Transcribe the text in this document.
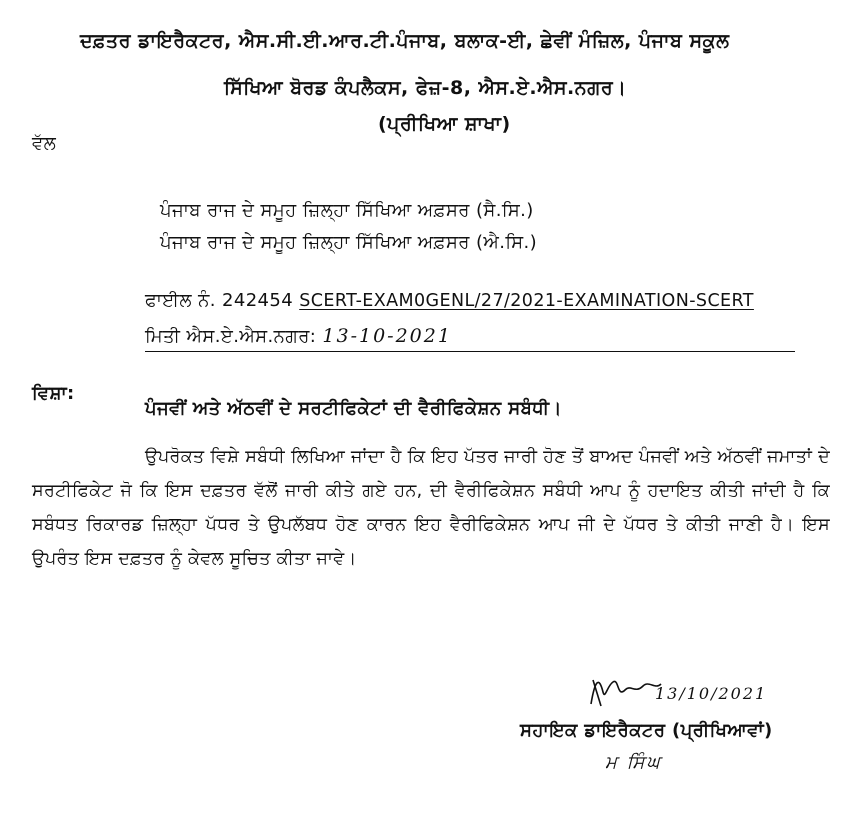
ਦਫ਼ਤਰ ਡਾਇਰੈਕਟਰ, ਐਸ.ਸੀ.ਈ.ਆਰ.ਟੀ.ਪੰਜਾਬ, ਬਲਾਕ-ਈ, ਛੇਵੀਂ ਮੰਜ਼ਿਲ, ਪੰਜਾਬ ਸਕੂਲ
ਸਿੱਖਿਆ ਬੋਰਡ ਕੰਪਲੈਕਸ, ਫੇਜ਼-8, ਐਸ.ਏ.ਐਸ.ਨਗਰ।
(ਪ੍ਰੀਖਿਆ ਸ਼ਾਖਾ)
ਵੱਲ
ਪੰਜਾਬ ਰਾਜ ਦੇ ਸਮੂਹ ਜ਼ਿਲ੍ਹਾ ਸਿੱਖਿਆ ਅਫ਼ਸਰ (ਸੈ.ਸਿ.)
ਪੰਜਾਬ ਰਾਜ ਦੇ ਸਮੂਹ ਜ਼ਿਲ੍ਹਾ ਸਿੱਖਿਆ ਅਫ਼ਸਰ (ਐ.ਸਿ.)
ਫਾਈਲ ਨੰ. 242454 SCERT-EXAM0GENL/27/2021-EXAMINATION-SCERT
ਮਿਤੀ ਐਸ.ਏ.ਐਸ.ਨਗਰ: 13-10-2021
ਵਿਸ਼ਾ:
ਪੰਜਵੀਂ ਅਤੇ ਅੱਠਵੀਂ ਦੇ ਸਰਟੀਫਿਕੇਟਾਂ ਦੀ ਵੈਰੀਫਿਕੇਸ਼ਨ ਸਬੰਧੀ।
ਉਪਰੋਕਤ ਵਿਸ਼ੇ ਸਬੰਧੀ ਲਿਖਿਆ ਜਾਂਦਾ ਹੈ ਕਿ ਇਹ ਪੱਤਰ ਜਾਰੀ ਹੋਣ ਤੋਂ ਬਾਅਦ ਪੰਜਵੀਂ ਅਤੇ ਅੱਠਵੀਂ ਜਮਾਤਾਂ ਦੇ ਸਰਟੀਫਿਕੇਟ ਜੋ ਕਿ ਇਸ ਦਫ਼ਤਰ ਵੱਲੋਂ ਜਾਰੀ ਕੀਤੇ ਗਏ ਹਨ, ਦੀ ਵੈਰੀਫਿਕੇਸ਼ਨ ਸਬੰਧੀ ਆਪ ਨੂੰ ਹਦਾਇਤ ਕੀਤੀ ਜਾਂਦੀ ਹੈ ਕਿ ਸਬੰਧਤ ਰਿਕਾਰਡ ਜ਼ਿਲ੍ਹਾ ਪੱਧਰ ਤੇ ਉਪਲੱਬਧ ਹੋਣ ਕਾਰਨ ਇਹ ਵੈਰੀਫਿਕੇਸ਼ਨ ਆਪ ਜੀ ਦੇ ਪੱਧਰ ਤੇ ਕੀਤੀ ਜਾਣੀ ਹੈ। ਇਸ ਉਪਰੰਤ ਇਸ ਦਫ਼ਤਰ ਨੂੰ ਕੇਵਲ ਸੂਚਿਤ ਕੀਤਾ ਜਾਵੇ।
13/10/2021
ਸਹਾਇਕ ਡਾਇਰੈਕਟਰ (ਪ੍ਰੀਖਿਆਵਾਂ)
ਮ ਸਿੰਘ
